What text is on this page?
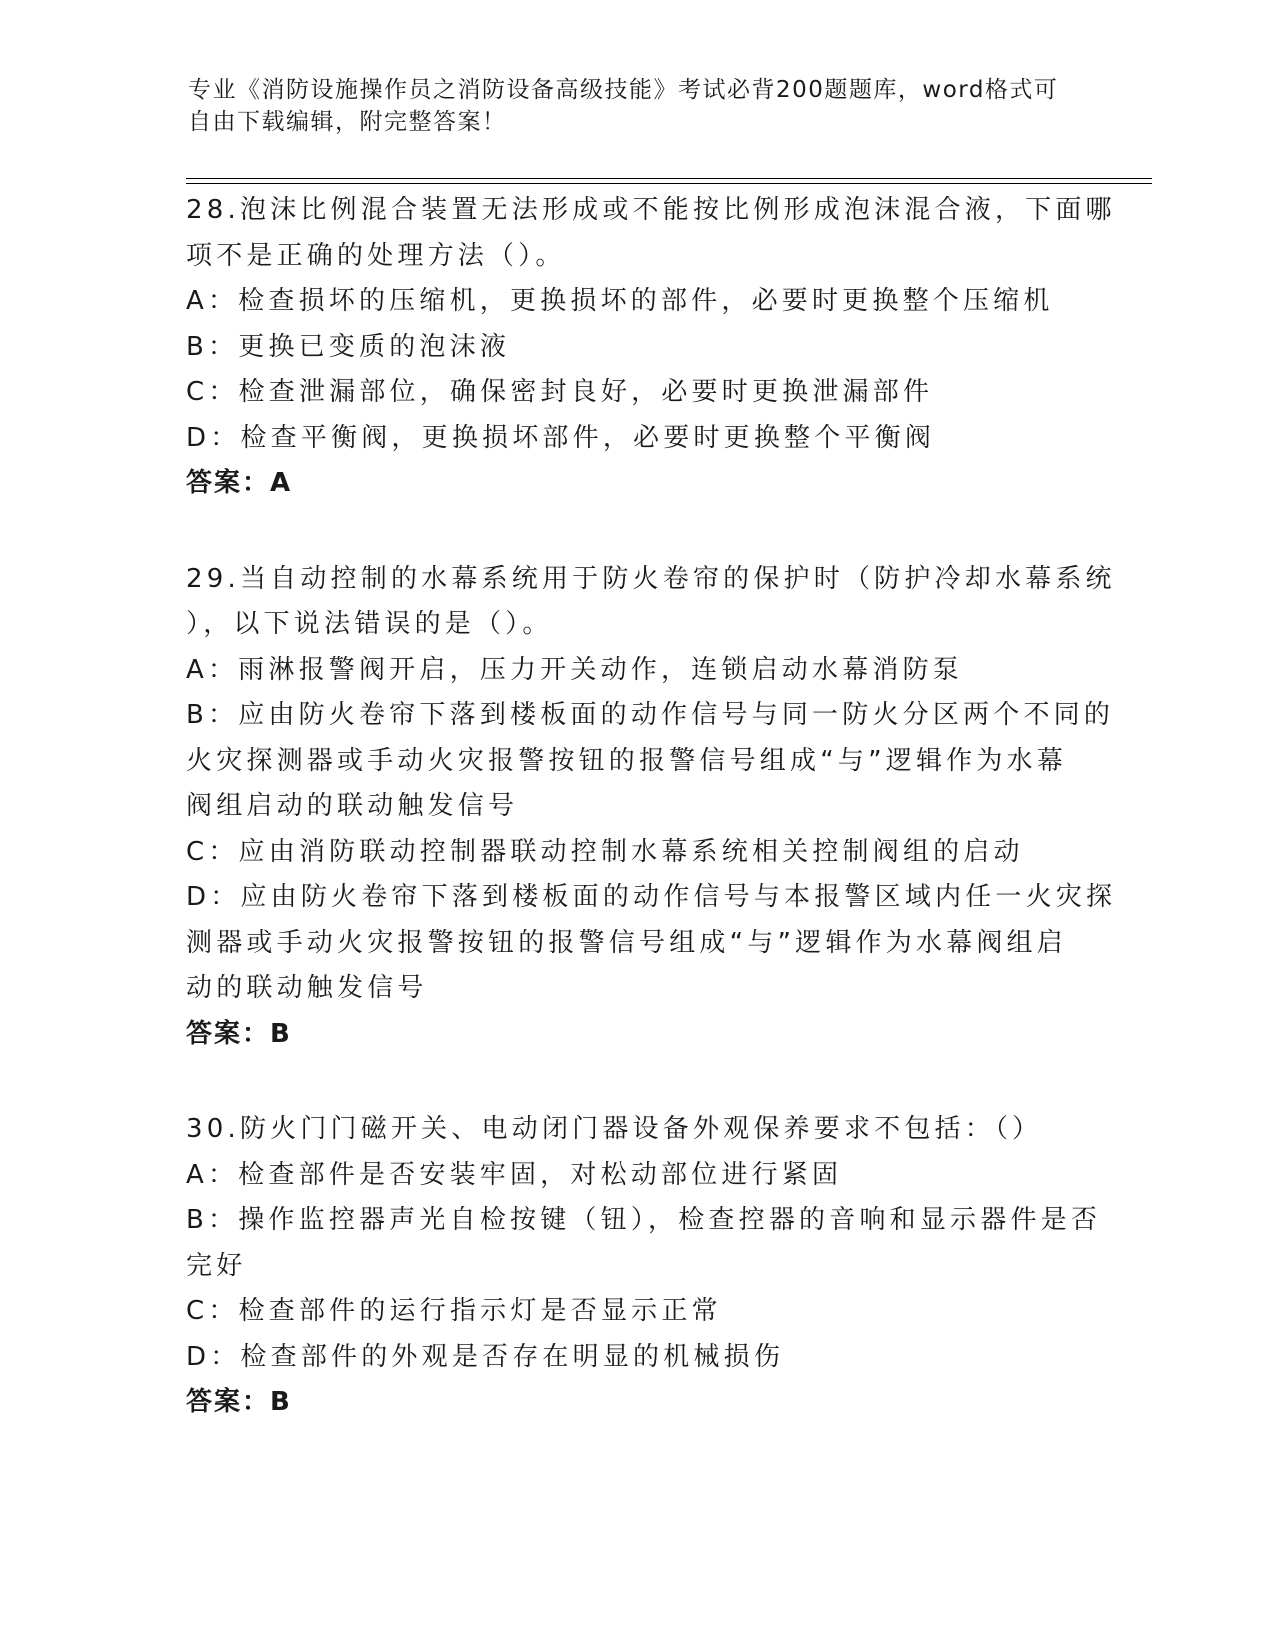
专业《消防设施操作员之消防设备高级技能》考试必背200题题库，word格式可
自由下载编辑，附完整答案！
28.泡沫比例混合装置无法形成或不能按比例形成泡沫混合液，下面哪
项不是正确的处理方法（）。
A：检查损坏的压缩机，更换损坏的部件，必要时更换整个压缩机
B：更换已变质的泡沫液
C：检查泄漏部位，确保密封良好，必要时更换泄漏部件
D：检查平衡阀，更换损坏部件，必要时更换整个平衡阀
答案：A
29.当自动控制的水幕系统用于防火卷帘的保护时（防护冷却水幕系统
），以下说法错误的是（）。
A：雨淋报警阀开启，压力开关动作，连锁启动水幕消防泵
B：应由防火卷帘下落到楼板面的动作信号与同一防火分区两个不同的
火灾探测器或手动火灾报警按钮的报警信号组成“与”逻辑作为水幕
阀组启动的联动触发信号
C：应由消防联动控制器联动控制水幕系统相关控制阀组的启动
D：应由防火卷帘下落到楼板面的动作信号与本报警区域内任一火灾探
测器或手动火灾报警按钮的报警信号组成“与”逻辑作为水幕阀组启
动的联动触发信号
答案：B
30.防火门门磁开关、电动闭门器设备外观保养要求不包括：（）
A：检查部件是否安装牢固，对松动部位进行紧固
B：操作监控器声光自检按键（钮），检查控器的音响和显示器件是否
完好
C：检查部件的运行指示灯是否显示正常
D：检查部件的外观是否存在明显的机械损伤
答案：B
